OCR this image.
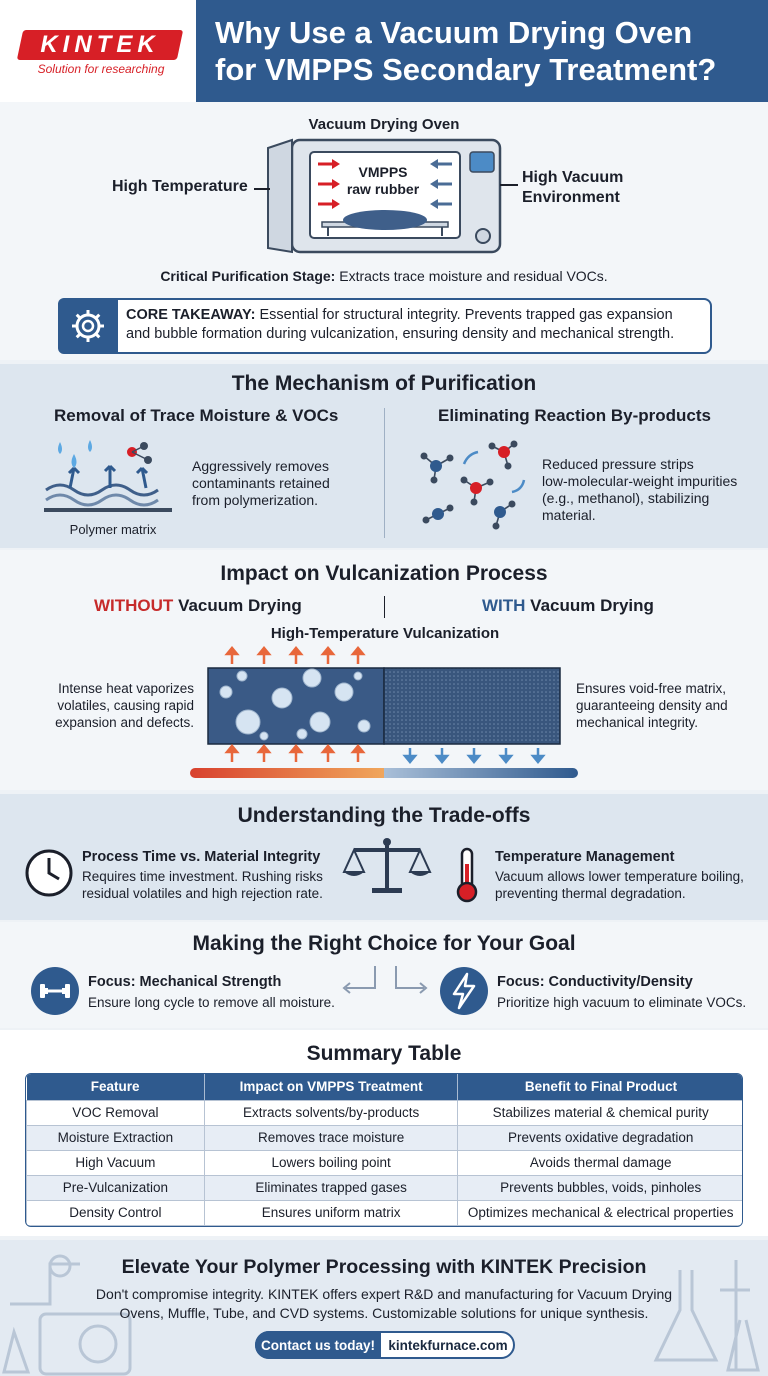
KINTEK
Solution for researching
Why Use a Vacuum Drying Oven
for VMPPS Secondary Treatment?
Vacuum Drying Oven
VMPPS
raw rubber
High Temperature
High Vacuum
Environment
Critical Purification Stage: Extracts trace moisture and residual VOCs.
CORE TAKEAWAY: Essential for structural integrity. Prevents trapped gas expansion
and bubble formation during vulcanization, ensuring density and mechanical strength.
The Mechanism of Purification
Removal of Trace Moisture & VOCs	Eliminating Reaction By-products
Polymer matrix
Aggressively removes
contaminants retained
from polymerization.
Reduced pressure strips
low-molecular-weight impurities
(e.g., methanol), stabilizing
material.
Impact on Vulcanization Process
WITHOUT Vacuum Drying	WITH Vacuum Drying
High-Temperature Vulcanization
Intense heat vaporizes
volatiles, causing rapid
expansion and defects.
Ensures void-free matrix,
guaranteeing density and
mechanical integrity.
Understanding the Trade-offs
Process Time vs. Material Integrity
Requires time investment. Rushing risks
residual volatiles and high rejection rate.
Temperature Management
Vacuum allows lower temperature boiling,
preventing thermal degradation.
Making the Right Choice for Your Goal
Focus: Mechanical Strength
Ensure long cycle to remove all moisture.
Focus: Conductivity/Density
Prioritize high vacuum to eliminate VOCs.
Summary Table
Feature	Impact on VMPPS Treatment	Benefit to Final Product
VOC Removal	Extracts solvents/by-products	Stabilizes material & chemical purity
Moisture Extraction	Removes trace moisture	Prevents oxidative degradation
High Vacuum	Lowers boiling point	Avoids thermal damage
Pre-Vulcanization	Eliminates trapped gases	Prevents bubbles, voids, pinholes
Density Control	Ensures uniform matrix	Optimizes mechanical & electrical properties
Elevate Your Polymer Processing with KINTEK Precision
Don't compromise integrity. KINTEK offers expert R&D and manufacturing for Vacuum Drying
Ovens, Muffle, Tube, and CVD systems. Customizable solutions for unique synthesis.
Contact us today! kintekfurnace.com
